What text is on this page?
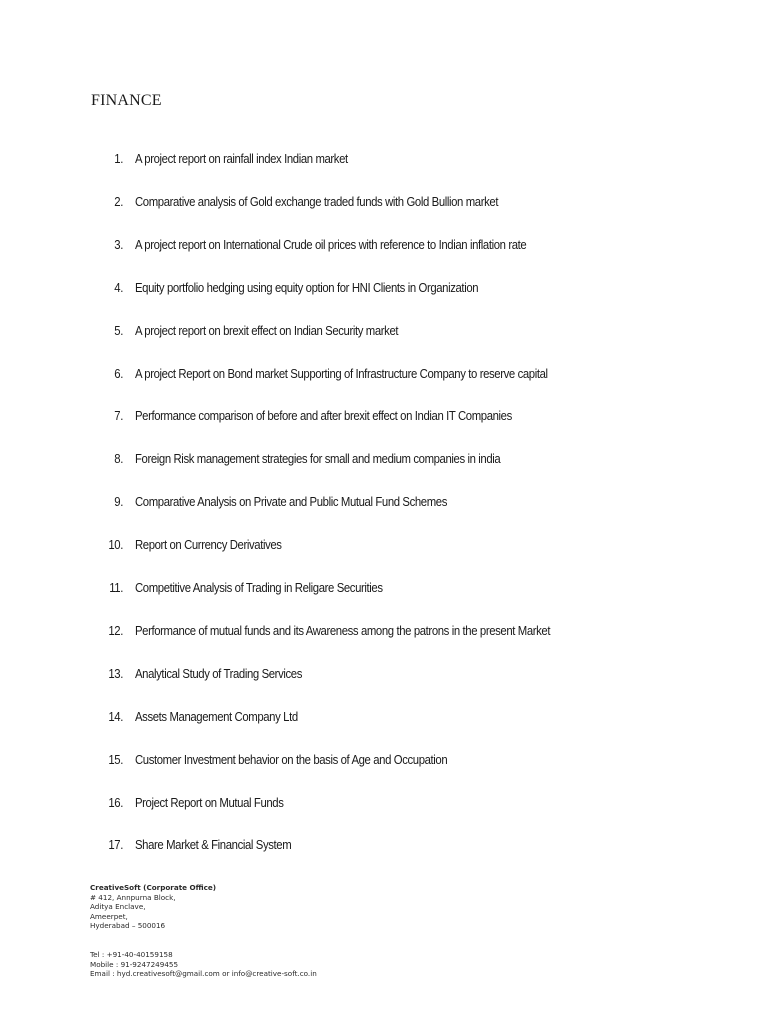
FINANCE
1. A project report on rainfall index Indian market
2. Comparative analysis of Gold exchange traded funds with Gold Bullion market
3. A project report on International Crude oil prices with reference to Indian inflation rate
4. Equity portfolio hedging using equity option for HNI Clients in Organization
5. A project report on brexit effect on Indian Security market
6. A project Report on Bond market Supporting of Infrastructure Company to reserve capital
7. Performance comparison of before and after brexit effect on Indian IT Companies
8. Foreign Risk management strategies for small and medium companies in india
9. Comparative Analysis on Private and Public Mutual Fund Schemes
10. Report on Currency Derivatives
11. Competitive Analysis of Trading in Religare Securities
12. Performance of mutual funds and its Awareness among the patrons in the present Market
13. Analytical Study of Trading Services
14. Assets Management Company Ltd
15. Customer Investment behavior on the basis of Age and Occupation
16. Project Report on Mutual Funds
17. Share Market & Financial System
CreativeSoft (Corporate Office)
# 412, Annpurna Block,
Aditya Enclave,
Ameerpet,
Hyderabad – 500016
Tel : +91-40-40159158
Mobile : 91-9247249455
Email : hyd.creativesoft@gmail.com or info@creative-soft.co.in
